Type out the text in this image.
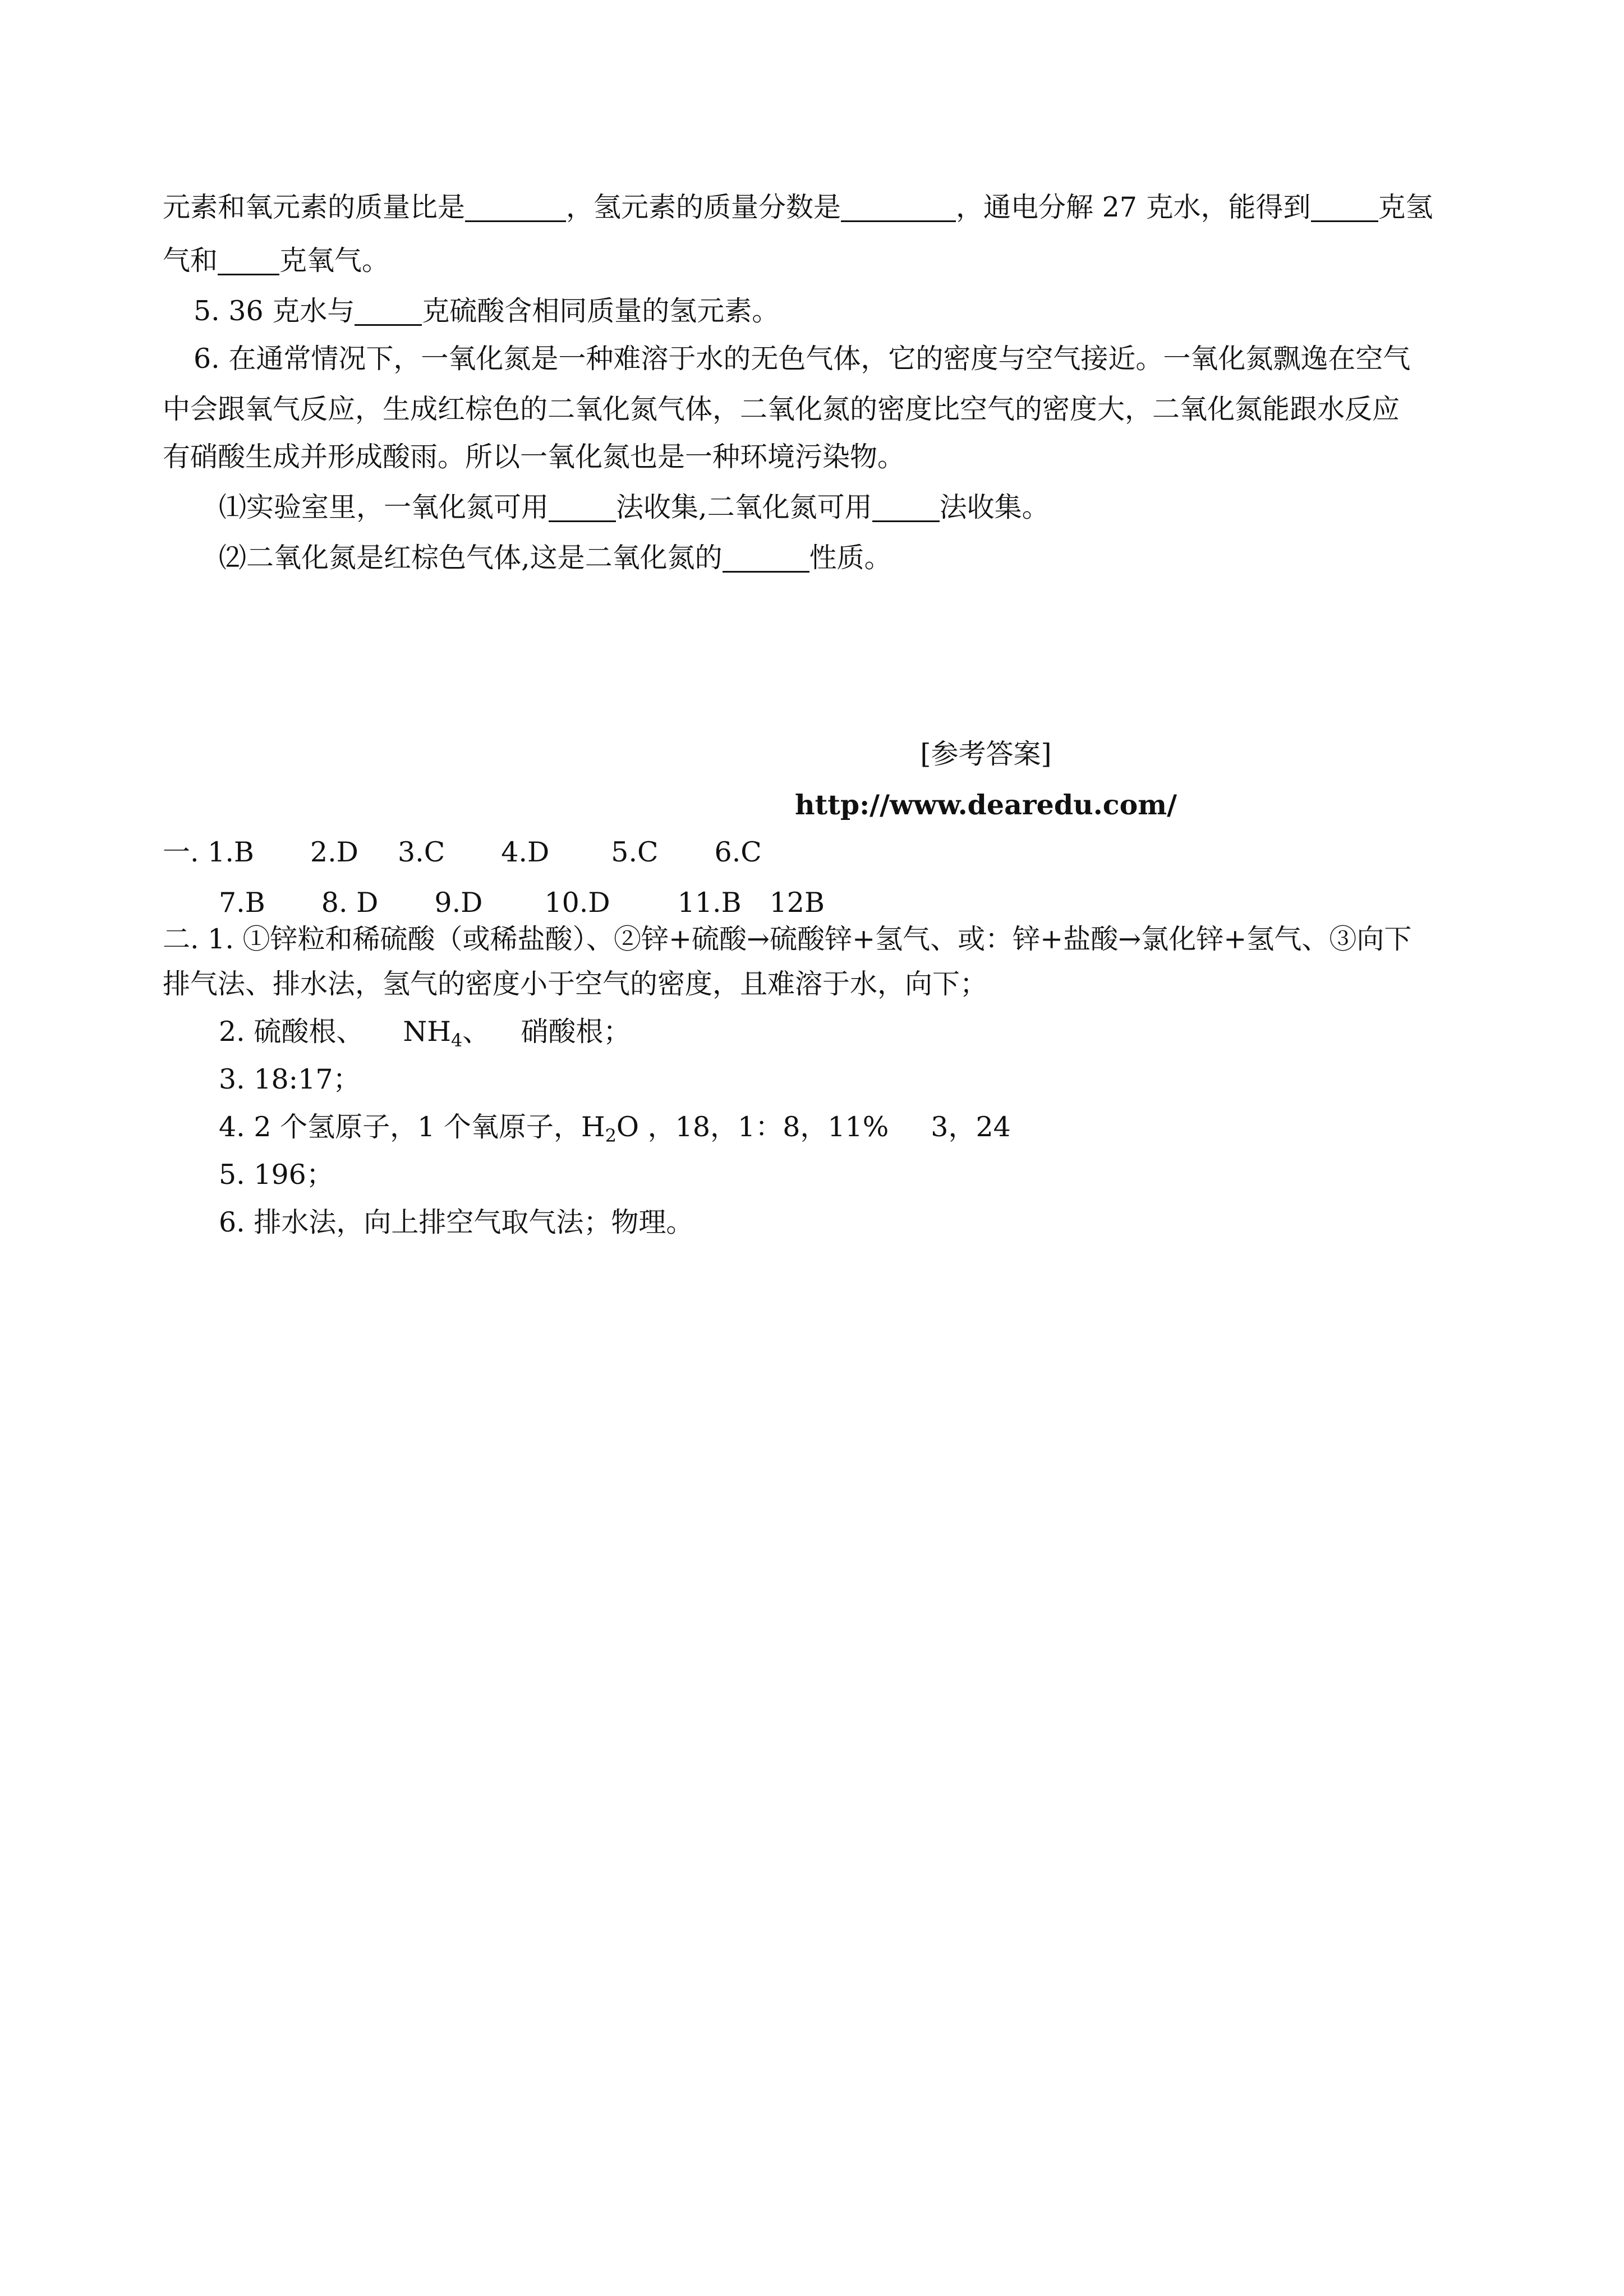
元素和氧元素的质量比是	，氢元素的质量分数是	，通电分解 27 克水，能得到 克氢
气和 克氧气。
5. 36 克水与 克硫酸含相同质量的氢元素。
6. 在通常情况下，一氧化氮是一种难溶于水的无色气体，它的密度与空气接近。一氧化氮飘逸在空气
中会跟氧气反应，生成红棕色的二氧化氮气体，二氧化氮的密度比空气的密度大，二氧化氮能跟水反应
有硝酸生成并形成酸雨。所以一氧化氮也是一种环境污染物。
⑴实验室里，一氧化氮可用 法收集,二氧化氮可用 法收集。
⑵二氧化氮是红棕色气体,这是二氧化氮的	性质。
[参考答案]
http://www.dearedu.com/
一. 1.B 2.D 3.C 4.D 5.C 6.C
7.B 8. D 9.D 10.D 11.B 12B
二. 1. ①锌粒和稀硫酸（或稀盐酸）、②锌+硫酸→硫酸锌+氢气、或：锌+盐酸→氯化锌+氢气、③向下
排气法、排水法，氢气的密度小于空气的密度，且难溶于水，向下；
2. 硫酸根、 $NH_4$、 硝酸根；
3. 18:17；
4. 2 个氢原子，1 个氧原子，$H_2O$ ，18，1：8，11% 3，24
5. 196；
6. 排水法，向上排空气取气法；物理。
